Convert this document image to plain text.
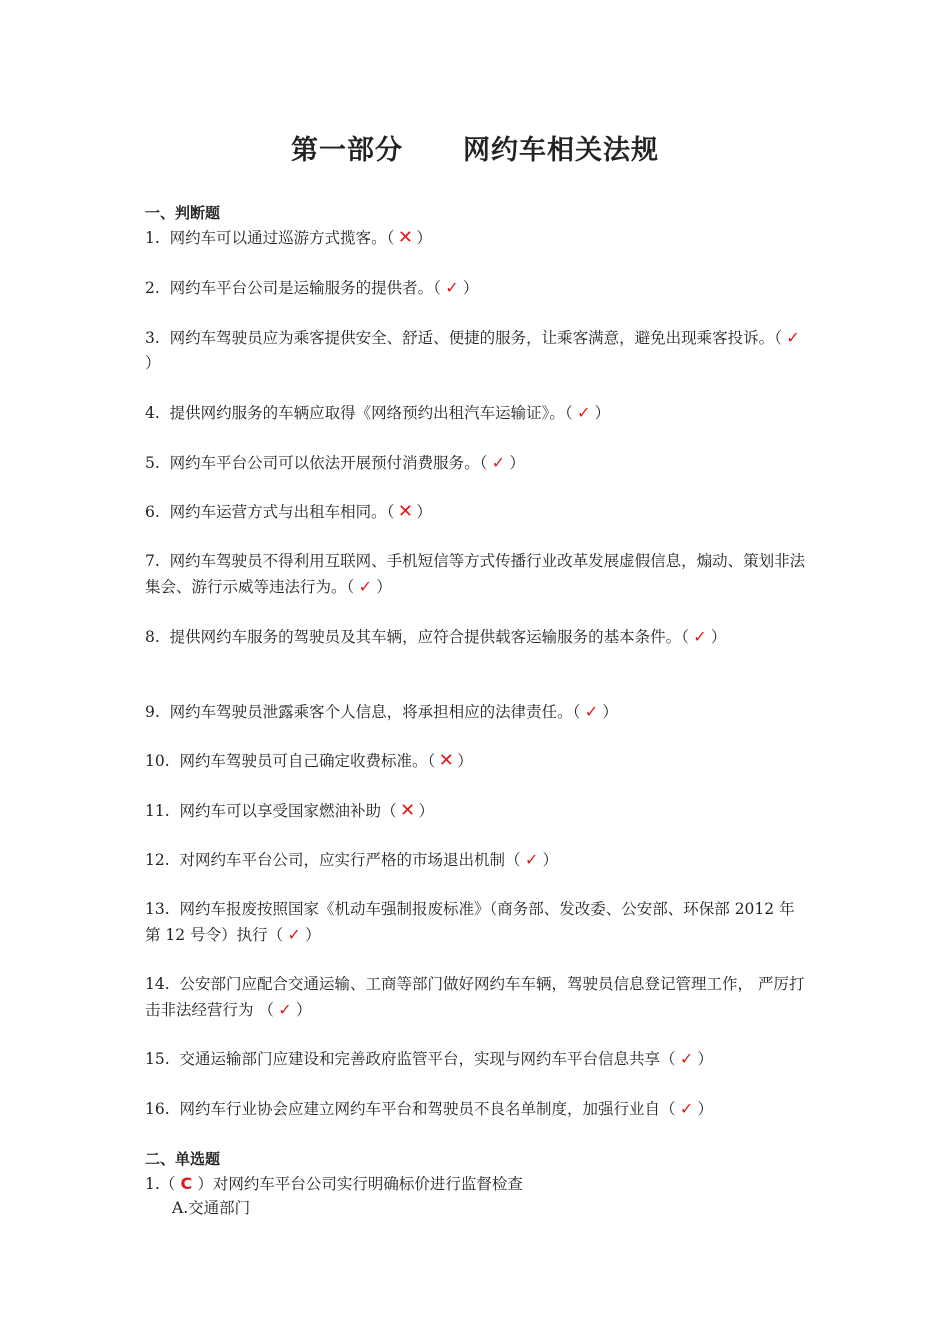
第一部分 网约车相关法规
一、判断题
1. 网约车可以通过巡游方式揽客。（ ✕ ）
2. 网约车平台公司是运输服务的提供者。（ ✓ ）
3. 网约车驾驶员应为乘客提供安全、舒适、便捷的服务，让乘客满意，避免出现乘客投诉。（ ✓）
4. 提供网约服务的车辆应取得《网络预约出租汽车运输证》。（ ✓ ）
5. 网约车平台公司可以依法开展预付消费服务。（ ✓ ）
6. 网约车运营方式与出租车相同。（ ✕ ）
7. 网约车驾驶员不得利用互联网、手机短信等方式传播行业改革发展虚假信息，煽动、策划非法集会、游行示威等违法行为。（ ✓ ）
8. 提供网约车服务的驾驶员及其车辆，应符合提供载客运输服务的基本条件。（ ✓ ）
9. 网约车驾驶员泄露乘客个人信息，将承担相应的法律责任。（ ✓ ）
10. 网约车驾驶员可自己确定收费标准。（ ✕ ）
11. 网约车可以享受国家燃油补助（ ✕ ）
12. 对网约车平台公司，应实行严格的市场退出机制（ ✓ ）
13. 网约车报废按照国家《机动车强制报废标准》（商务部、发改委、公安部、环保部 2012 年第 12 号令）执行（ ✓ ）
14. 公安部门应配合交通运输、工商等部门做好网约车车辆，驾驶员信息登记管理工作， 严厉打击非法经营行为 （ ✓ ）
15. 交通运输部门应建设和完善政府监管平台，实现与网约车平台信息共享（ ✓ ）
16. 网约车行业协会应建立网约车平台和驾驶员不良名单制度，加强行业自（ ✓ ）
二、单选题
1.（ C ）对网约车平台公司实行明确标价进行监督检查
A.交通部门
